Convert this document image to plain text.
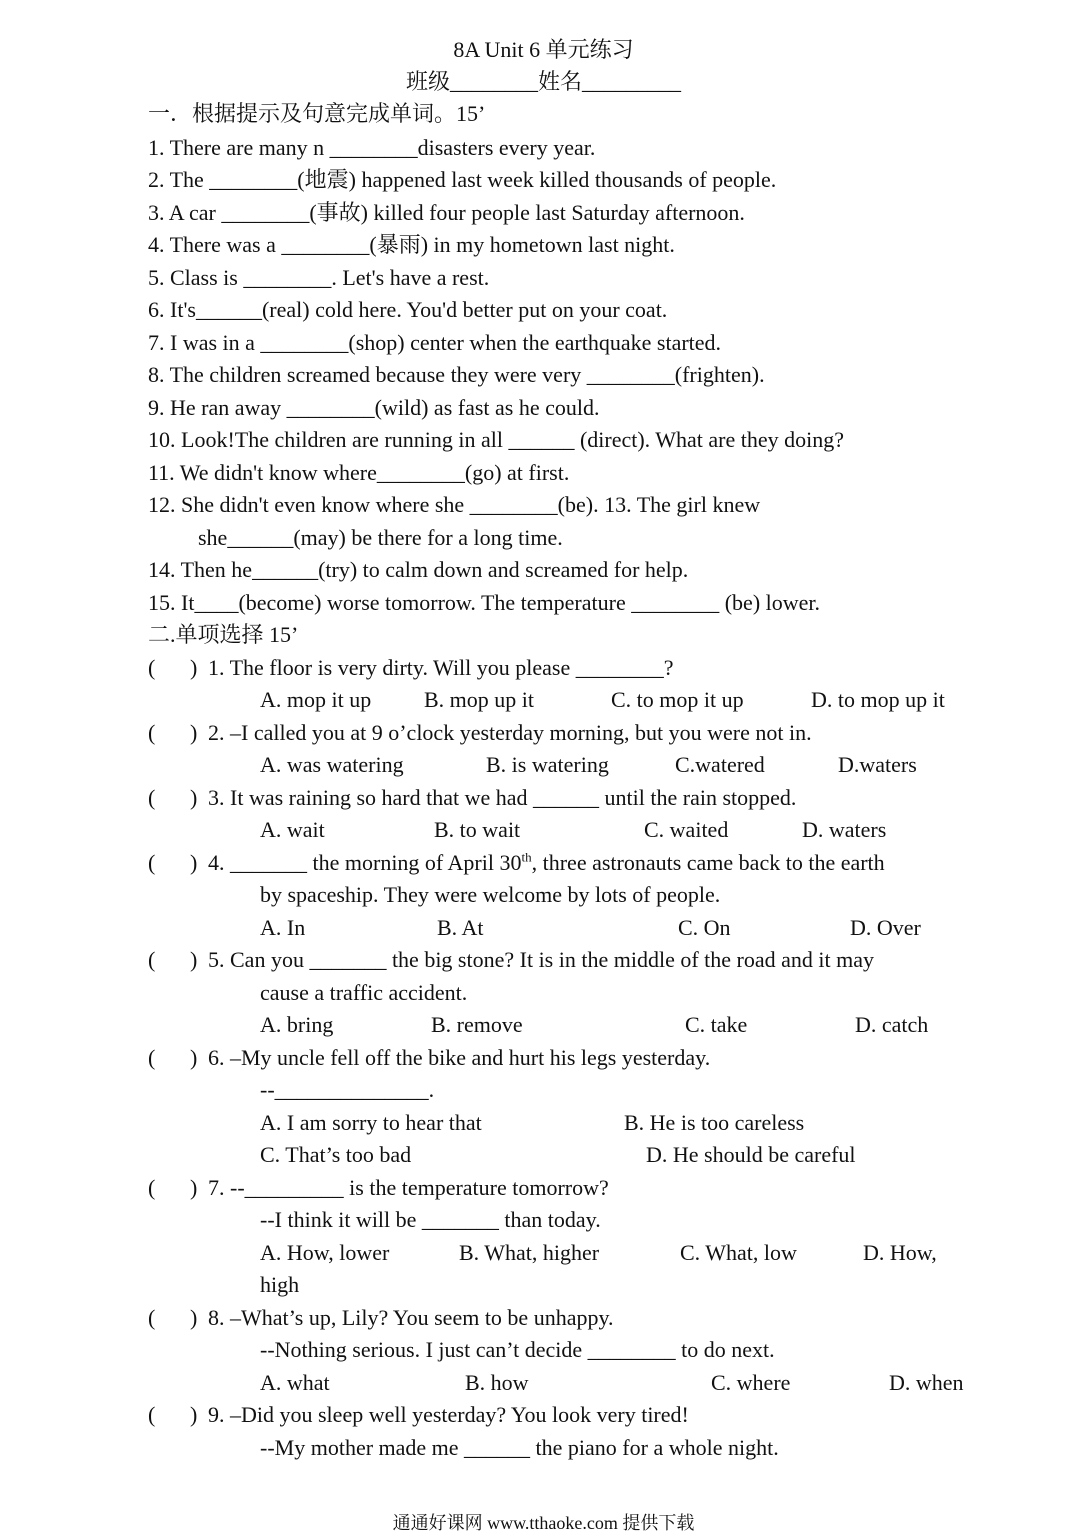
8A Unit 6 单元练习
班级________姓名_________
一．根据提示及句意完成单词。15’
1. There are many n ________disasters every year.
2. The ________(地震) happened last week killed thousands of people.
3. A car ________(事故) killed four people last Saturday afternoon.
4. There was a ________(暴雨) in my hometown last night.
5. Class is ________. Let's have a rest.
6. It's______(real) cold here. You'd better put on your coat.
7. I was in a ________(shop) center when the earthquake started.
8. The children screamed because they were very ________(frighten).
9. He ran away ________(wild) as fast as he could.
10. Look!The children are running in all ______ (direct). What are they doing?
11. We didn't know where________(go) at first.
12. She didn't even know where she ________(be). 13. The girl knew
she______(may) be there for a long time.
14. Then he______(try) to calm down and screamed for help.
15. It____(become) worse tomorrow. The temperature ________ (be) lower.
二.单项选择 15’
( ) 1. The floor is very dirty. Will you please ________?
A. mop it up B. mop up it	C. to mop it up	D. to mop up it
( ) 2. –I called you at 9 o’clock yesterday morning, but you were not in.
A. was watering	B. is watering	C.watered	D.waters
( ) 3. It was raining so hard that we had ______ until the rain stopped.
A. wait	B. to wait	C. waited	D. waters
( ) 4. _______ the morning of April 30th, three astronauts came back to the earth
by spaceship. They were welcome by lots of people.
A. In	B. At	C. On	D. Over
( ) 5. Can you _______ the big stone? It is in the middle of the road and it may
cause a traffic accident.
A. bring	B. remove	C. take	D. catch
( ) 6. –My uncle fell off the bike and hurt his legs yesterday.
--______________.
A. I am sorry to hear that	B. He is too careless
C. That’s too bad	D. He should be careful
( ) 7. --_________ is the temperature tomorrow?
--I think it will be _______ than today.
A. How, lower	B. What, higher	C. What, low	D. How,
high
( ) 8. –What’s up, Lily? You seem to be unhappy.
--Nothing serious. I just can’t decide ________ to do next.
A. what	B. how	C. where	D. when
( ) 9. –Did you sleep well yesterday? You look very tired!
--My mother made me ______ the piano for a whole night.
通通好课网 www.tthaoke.com 提供下载
